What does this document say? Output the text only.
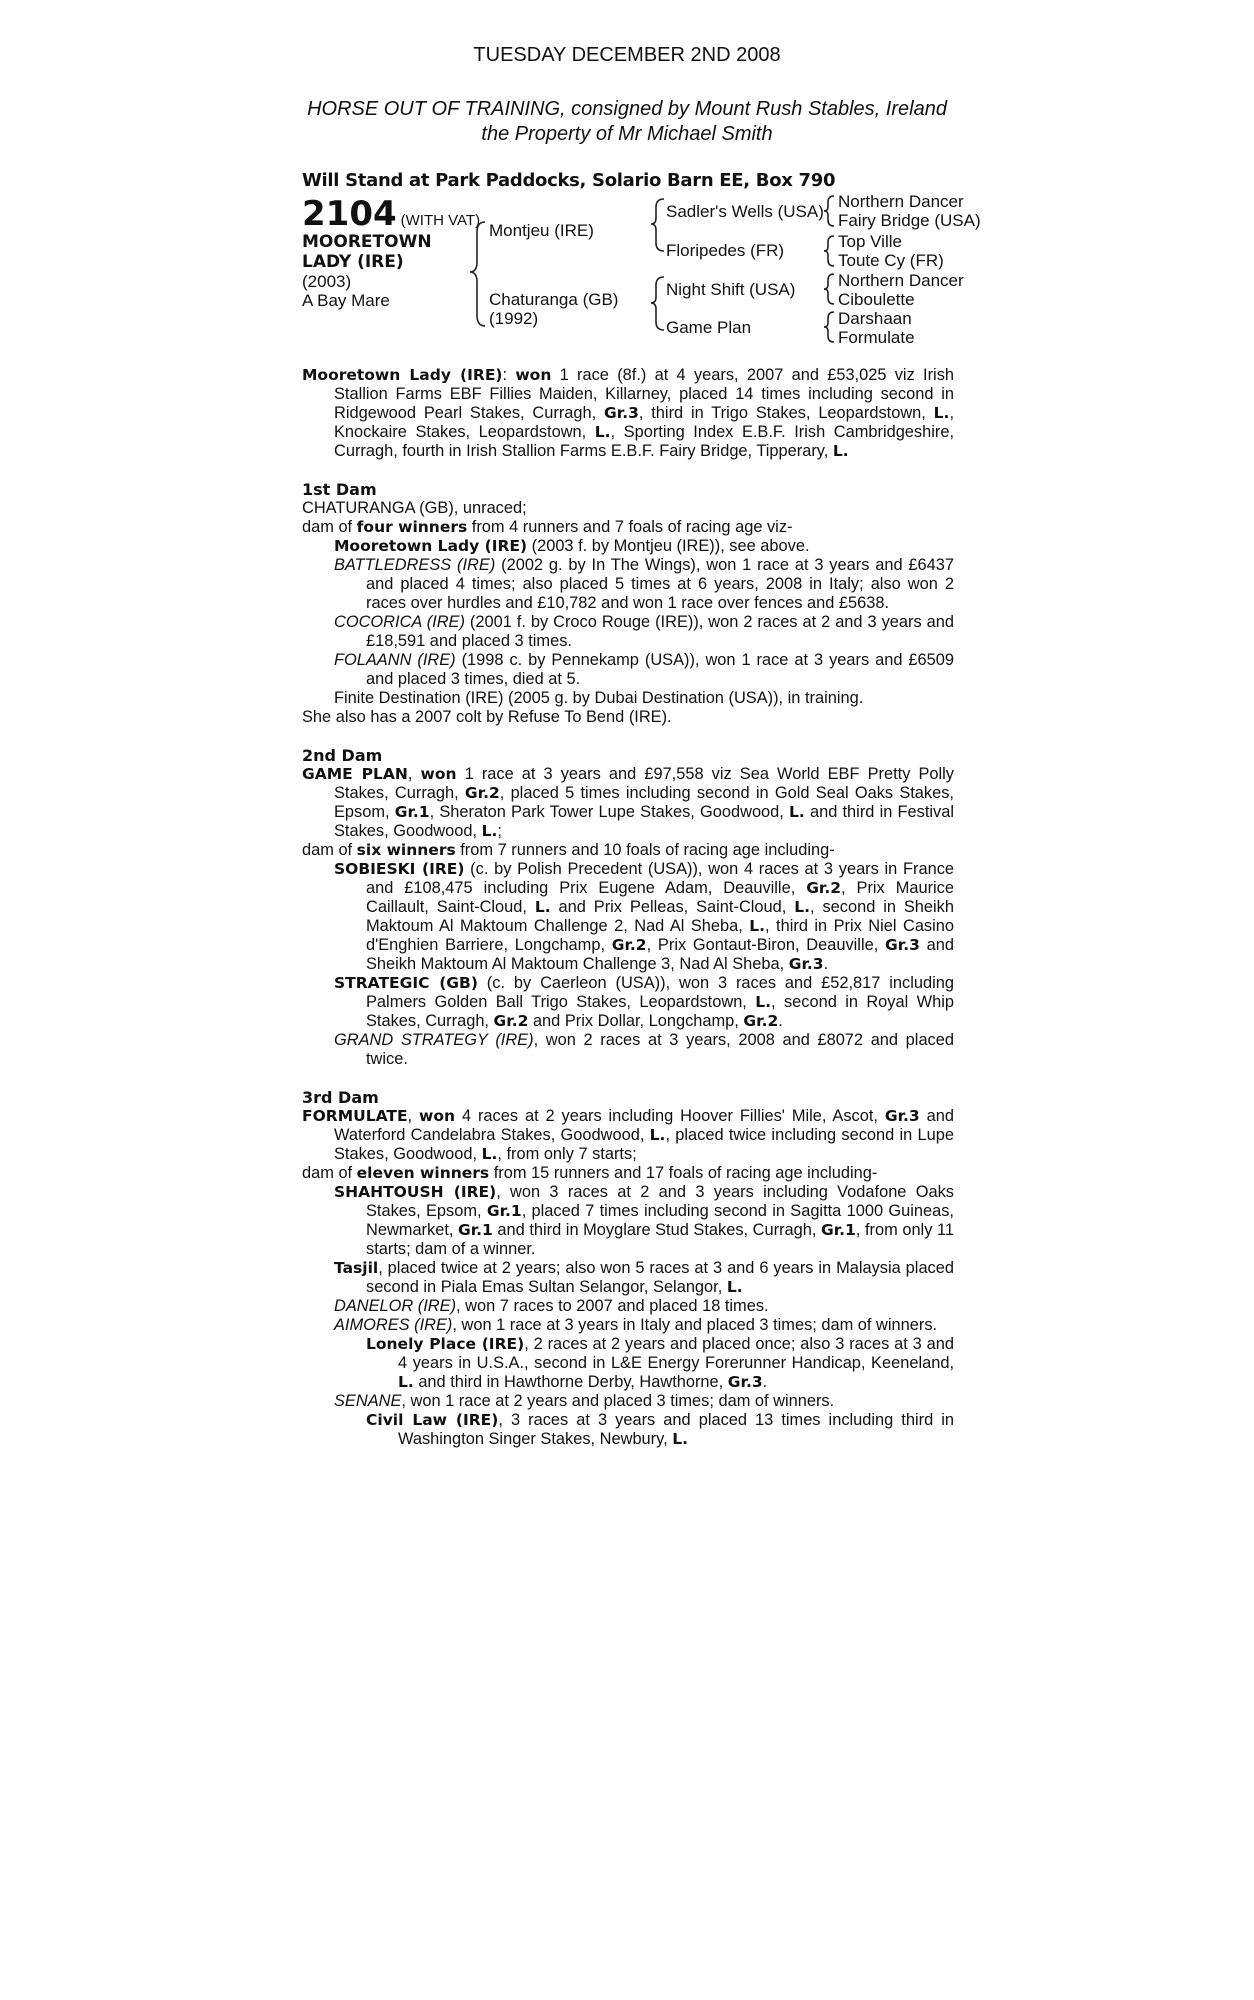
TUESDAY DECEMBER 2ND 2008
HORSE OUT OF TRAINING, consigned by Mount Rush Stables, Ireland
the Property of Mr Michael Smith
Will Stand at Park Paddocks, Solario Barn EE, Box 790
2104 (WITH VAT)
MOORETOWN
LADY (IRE)
(2003)
A Bay Mare
Montjeu (IRE)
Chaturanga (GB)
(1992)
Sadler's Wells (USA)
Floripedes (FR)
Night Shift (USA)
Game Plan
Northern Dancer
Fairy Bridge (USA)
Top Ville
Toute Cy (FR)
Northern Dancer
Ciboulette
Darshaan
Formulate

Mooretown Lady (IRE): won 1 race (8f.) at 4 years, 2007 and £53,025 viz Irish Stallion Farms EBF Fillies Maiden, Killarney, placed 14 times including second in Ridgewood Pearl Stakes, Curragh, Gr.3, third in Trigo Stakes, Leopardstown, L., Knockaire Stakes, Leopardstown, L., Sporting Index E.B.F. Irish Cambridgeshire, Curragh, fourth in Irish Stallion Farms E.B.F. Fairy Bridge, Tipperary, L.

1st Dam

CHATURANGA (GB), unraced;

dam of four winners from 4 runners and 7 foals of racing age viz-

Mooretown Lady (IRE) (2003 f. by Montjeu (IRE)), see above.

BATTLEDRESS (IRE) (2002 g. by In The Wings), won 1 race at 3 years and £6437 and placed 4 times; also placed 5 times at 6 years, 2008 in Italy; also won 2 races over hurdles and £10,782 and won 1 race over fences and £5638.

COCORICA (IRE) (2001 f. by Croco Rouge (IRE)), won 2 races at 2 and 3 years and £18,591 and placed 3 times.

FOLAANN (IRE) (1998 c. by Pennekamp (USA)), won 1 race at 3 years and £6509 and placed 3 times, died at 5.

Finite Destination (IRE) (2005 g. by Dubai Destination (USA)), in training.

She also has a 2007 colt by Refuse To Bend (IRE).

2nd Dam

GAME PLAN, won 1 race at 3 years and £97,558 viz Sea World EBF Pretty Polly Stakes, Curragh, Gr.2, placed 5 times including second in Gold Seal Oaks Stakes, Epsom, Gr.1, Sheraton Park Tower Lupe Stakes, Goodwood, L. and third in Festival Stakes, Goodwood, L.;

dam of six winners from 7 runners and 10 foals of racing age including-

SOBIESKI (IRE) (c. by Polish Precedent (USA)), won 4 races at 3 years in France and £108,475 including Prix Eugene Adam, Deauville, Gr.2, Prix Maurice Caillault, Saint-Cloud, L. and Prix Pelleas, Saint-Cloud, L., second in Sheikh Maktoum Al Maktoum Challenge 2, Nad Al Sheba, L., third in Prix Niel Casino d'Enghien Barriere, Longchamp, Gr.2, Prix Gontaut-Biron, Deauville, Gr.3 and Sheikh Maktoum Al Maktoum Challenge 3, Nad Al Sheba, Gr.3.

STRATEGIC (GB) (c. by Caerleon (USA)), won 3 races and £52,817 including Palmers Golden Ball Trigo Stakes, Leopardstown, L., second in Royal Whip Stakes, Curragh, Gr.2 and Prix Dollar, Longchamp, Gr.2.

GRAND STRATEGY (IRE), won 2 races at 3 years, 2008 and £8072 and placed twice.

3rd Dam

FORMULATE, won 4 races at 2 years including Hoover Fillies' Mile, Ascot, Gr.3 and Waterford Candelabra Stakes, Goodwood, L., placed twice including second in Lupe Stakes, Goodwood, L., from only 7 starts;

dam of eleven winners from 15 runners and 17 foals of racing age including-

SHAHTOUSH (IRE), won 3 races at 2 and 3 years including Vodafone Oaks Stakes, Epsom, Gr.1, placed 7 times including second in Sagitta 1000 Guineas, Newmarket, Gr.1 and third in Moyglare Stud Stakes, Curragh, Gr.1, from only 11 starts; dam of a winner.

Tasjil, placed twice at 2 years; also won 5 races at 3 and 6 years in Malaysia placed second in Piala Emas Sultan Selangor, Selangor, L.

DANELOR (IRE), won 7 races to 2007 and placed 18 times.

AIMORES (IRE), won 1 race at 3 years in Italy and placed 3 times; dam of winners.

Lonely Place (IRE), 2 races at 2 years and placed once; also 3 races at 3 and 4 years in U.S.A., second in L&E Energy Forerunner Handicap, Keeneland, L. and third in Hawthorne Derby, Hawthorne, Gr.3.

SENANE, won 1 race at 2 years and placed 3 times; dam of winners.

Civil Law (IRE), 3 races at 3 years and placed 13 times including third in Washington Singer Stakes, Newbury, L.
